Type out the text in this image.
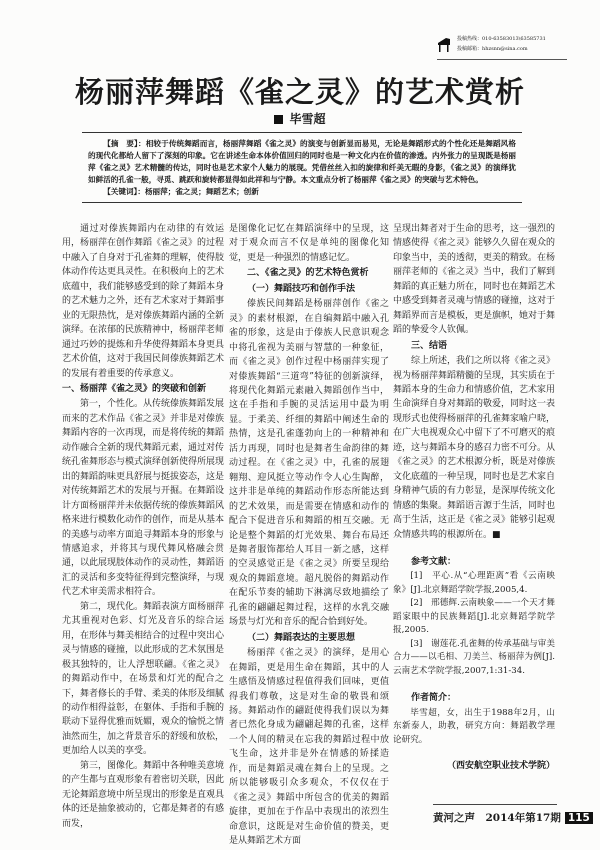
投稿热线：010-63583013\63585731
投稿邮箱：hhzsnn@sina.com
杨丽萍舞蹈《雀之灵》的艺术赏析
毕雪超

【摘　要】：相较于传统舞蹈而言，杨丽萍舞蹈《雀之灵》的演变与创新显而易见，无论是舞蹈形式的个性化还是舞蹈风格的现代化都给人留下了深刻的印象。它在讲述生命本体价值回归的同时也是一种文化内在价值的渗透。内外张力的呈现既是杨丽萍《雀之灵》艺术精髓的传达，同时也是艺术家个人魅力的展现。凭借丝丝入扣的旋律和纤美无暇的身影，《雀之灵》的演绎犹如鲜活的孔雀一般，寻觅、跳跃和旋转都显得如此祥和与宁静。本文重点分析了杨丽萍《雀之灵》的突破与艺术特色。

【关键词】：杨丽萍；雀之灵；舞蹈艺术；创新

通过对傣族舞蹈内在动律的有效运用，杨丽萍在创作舞蹈《雀之灵》的过程中融入了自身对于孔雀舞的理解，使得肢体动作传达更具灵性。在积极向上的艺术底蕴中，我们能够感受到的除了舞蹈本身的艺术魅力之外，还有艺术家对于舞蹈事业的无限热忱，是对傣族舞蹈内涵的全新演绎。在浓郁的民族精神中，杨丽萍老师通过巧妙的提炼和升华使得舞蹈本身更具艺术价值，这对于我国民间傣族舞蹈艺术的发展有着重要的传承意义。

一、杨丽萍《雀之灵》的突破和创新

第一，个性化。从传统傣族舞蹈发展而来的艺术作品《雀之灵》并非是对傣族舞蹈内容的一次再现，而是将传统的舞蹈动作融合全新的现代舞蹈元素，通过对传统孔雀舞形态与模式演绎创新使得所展现出的舞蹈韵味更具舒展与挺拔姿态，这是对传统舞蹈艺术的发展与开掘。在舞蹈设计方面杨丽萍并未依据传统的傣族舞蹈风格来进行模数化动作的创作，而是从基本的美感与动率方面追寻舞蹈本身的形象与情感追求，并将其与现代舞风格融会贯通，以此展现肢体动作的灵动性，舞蹈语汇的灵活和多变特征得到完整演绎，与现代艺术审美需求相符合。

第二，现代化。舞蹈表演方面杨丽萍尤其重视对色彩、灯光及音乐的综合运用，在形体与舞美相结合的过程中突出心灵与情感的碰撞，以此形成的艺术氛围是极其独特的，让人浮想联翩。《雀之灵》的舞蹈动作中，在场景和灯光的配合之下，舞者修长的手臂、柔美的体形及细腻的动作相得益彰，在躯体、手指和手腕的联动下显得优雅而妩媚，观众的愉悦之情油然而生，加之背景音乐的舒缓和放松，更加给人以美的享受。

第三，图像化。舞蹈中各种唯美意境的产生都与直观形象有着密切关联，因此无论舞蹈意境中所呈现出的形象是直观具体的还是抽象被动的，它都是舞者的有感而发，

是图像化记忆在舞蹈演绎中的呈现，这对于观众而言不仅是单纯的图像化知觉，更是一种强烈的情感记忆。
二、《雀之灵》的艺术特色赏析
（一）舞蹈技巧和创作手法

傣族民间舞蹈是杨丽萍创作《雀之灵》的素材根源，在自编舞蹈中融入孔雀的形象，这是由于傣族人民意识观念中将孔雀视为美丽与智慧的一种象征，而《雀之灵》创作过程中杨丽萍实现了对傣族舞蹈“三道弯”特征的创新演绎，将现代化舞蹈元素融入舞蹈创作当中，这在手指和手腕的灵活运用中最为明显。于柔美、纤细的舞蹈中阐述生命的热情，这是孔雀蓬勃向上的一种精神和活力再现，同时也是舞者生命韵律的舞动过程。在《雀之灵》中，孔雀的展翅翱翔、迎风挺立等动作令人心生陶醉，这并非是单纯的舞蹈动作形态所能达到的艺术效果，而是需要在情感和动作的配合下促进音乐和舞蹈的相互交融。无论是整个舞蹈的灯光效果、舞台布局还是舞者服饰都给人耳目一新之感，这样的空灵感觉正是《雀之灵》所要呈现给观众的舞蹈意境。超凡脱俗的舞蹈动作在配乐节奏的辅助下淋漓尽致地描绘了孔雀的翩翩起舞过程，这样的水乳交融场景与灯光和音乐的配合恰到好处。

（二）舞蹈表达的主要思想

杨丽萍《雀之灵》的演绎，是用心在舞蹈，更是用生命在舞蹈，其中的人生感悟及情感过程值得我们回味，更值得我们尊敬，这是对生命的敬畏和颂扬。舞蹈动作的翩跹使得我们误以为舞者已然化身成为翩翩起舞的孔雀，这样一个人间的精灵在忘我的舞蹈过程中放飞生命，这并非是外在情感的矫揉造作，而是舞蹈灵魂在舞台上的呈现。之所以能够吸引众多观众，不仅仅在于《雀之灵》舞蹈中所包含的优美的舞蹈旋律，更加在于作品中表现出的浓烈生命意识，这既是对生命价值的赞美，更是从舞蹈艺术方面

呈现出舞者对于生命的思考，这一强烈的情感使得《雀之灵》能够久久留在观众的印象当中，美的透彻，更美的精致。在杨丽萍老师的《雀之灵》当中，我们了解到舞蹈的真正魅力所在，同时也在舞蹈艺术中感受到舞者灵魂与情感的碰撞，这对于舞蹈界而言是模板，更是旗帜，她对于舞蹈的挚爱令人钦佩。
三、结语

综上所述，我们之所以将《雀之灵》视为杨丽萍舞蹈精髓的呈现，其实质在于舞蹈本身的生命力和情感价值，艺术家用生命演绎自身对舞蹈的敬爱，同时这一表现形式也使得杨丽萍的孔雀舞家喻户晓，在广大电视观众心中留下了不可磨灭的痕迹，这与舞蹈本身的感召力密不可分。从《雀之灵》的艺术根源分析，既是对傣族文化底蕴的一种呈现，同时也是艺术家自身精神气质的有力彰显，是深厚传统文化情感的集聚。舞蹈语言源于生活，同时也高于生活，这正是《雀之灵》能够引起观众情感共鸣的根源所在。■

参考文献：

[1]　平心.从“心理距离”看《云南映象》[J].北京舞蹈学院学报,2005,4.

[2]　邢德辉.云南映象——一个天才舞蹈家眼中的民族舞蹈[J].北京舞蹈学院学报,2005.

[3]　谢莲花.孔雀舞的传承基础与审美合力——以毛相、刀美兰、杨丽萍为例[J].云南艺术学院学报,2007,1:31-34.

作者简介：

毕雪超，女，出生于1988年2月，山东新泰人，助教，研究方向：舞蹈教学理论研究。

（西安航空职业技术学院）
黄河之声　2014年第17期 115
